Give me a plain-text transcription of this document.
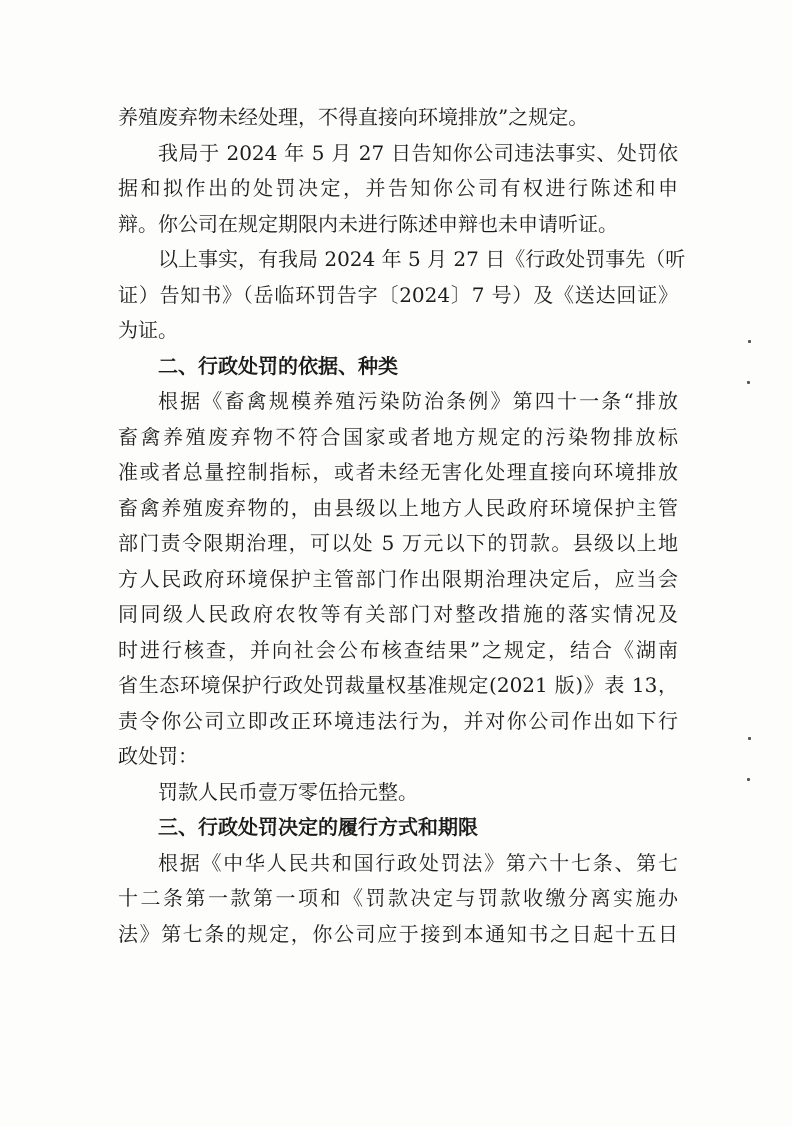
养殖废弃物未经处理，不得直接向环境排放”之规定。
我局于 2024 年 5 月 27 日告知你公司违法事实、处罚依
据和拟作出的处罚决定，并告知你公司有权进行陈述和申
辩。你公司在规定期限内未进行陈述申辩也未申请听证。
以上事实，有我局 2024 年 5 月 27 日《行政处罚事先（听
证）告知书》（岳临环罚告字〔2024〕7 号）及《送达回证》
为证。
二、行政处罚的依据、种类
根据《畜禽规模养殖污染防治条例》第四十一条“排放
畜禽养殖废弃物不符合国家或者地方规定的污染物排放标
准或者总量控制指标，或者未经无害化处理直接向环境排放
畜禽养殖废弃物的，由县级以上地方人民政府环境保护主管
部门责令限期治理，可以处 5 万元以下的罚款。县级以上地
方人民政府环境保护主管部门作出限期治理决定后，应当会
同同级人民政府农牧等有关部门对整改措施的落实情况及
时进行核查，并向社会公布核查结果”之规定，结合《湖南
省生态环境保护行政处罚裁量权基准规定(2021 版)》表 13，
责令你公司立即改正环境违法行为，并对你公司作出如下行
政处罚：
罚款人民币壹万零伍拾元整。
三、行政处罚决定的履行方式和期限
根据《中华人民共和国行政处罚法》第六十七条、第七
十二条第一款第一项和《罚款决定与罚款收缴分离实施办
法》第七条的规定，你公司应于接到本通知书之日起十五日
